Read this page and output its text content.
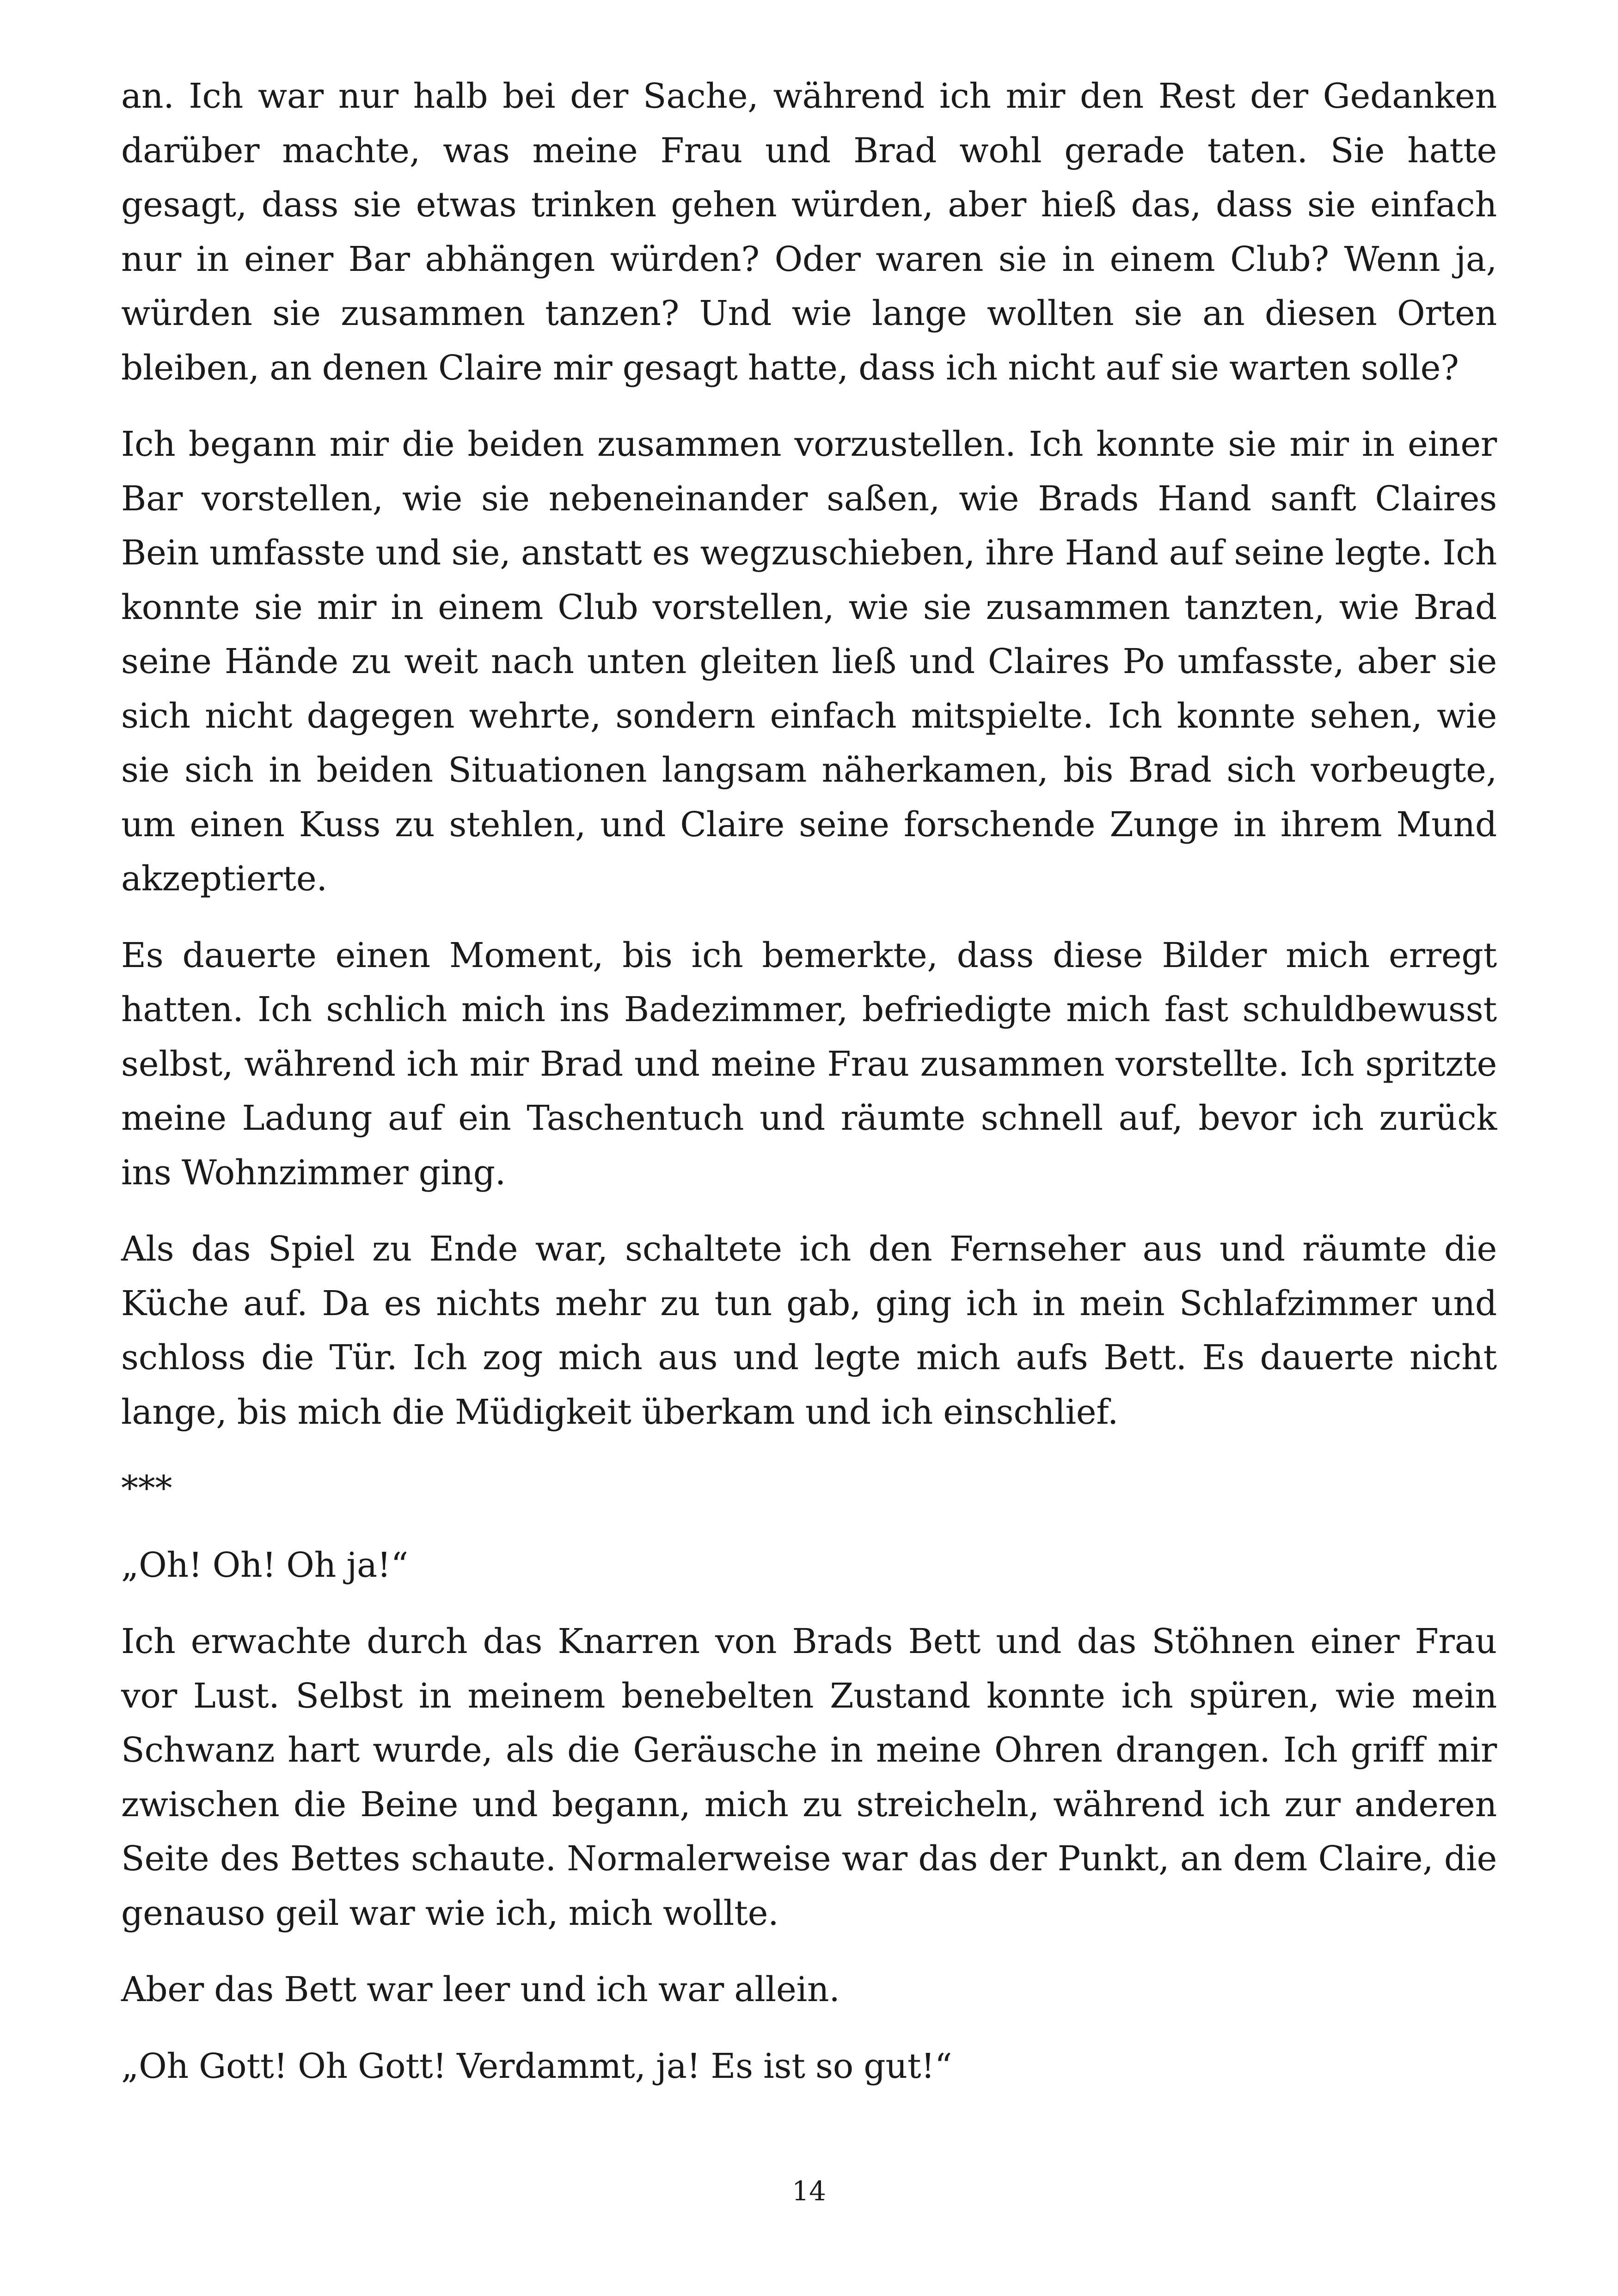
an. Ich war nur halb bei der Sache, während ich mir den Rest der Gedanken darüber machte, was meine Frau und Brad wohl gerade taten. Sie hatte gesagt, dass sie etwas trinken gehen würden, aber hieß das, dass sie einfach nur in einer Bar abhängen würden? Oder waren sie in einem Club? Wenn ja, würden sie zusammen tanzen? Und wie lange wollten sie an diesen Orten bleiben, an denen Claire mir gesagt hatte, dass ich nicht auf sie warten solle?

Ich begann mir die beiden zusammen vorzustellen. Ich konnte sie mir in einer Bar vorstellen, wie sie nebeneinander saßen, wie Brads Hand sanft Claires Bein umfasste und sie, anstatt es wegzuschieben, ihre Hand auf seine legte. Ich konnte sie mir in einem Club vorstellen, wie sie zusammen tanzten, wie Brad seine Hände zu weit nach unten gleiten ließ und Claires Po umfasste, aber sie sich nicht dagegen wehrte, sondern einfach mitspielte. Ich konnte sehen, wie sie sich in beiden Situationen langsam näherkamen, bis Brad sich vorbeugte, um einen Kuss zu stehlen, und Claire seine forschende Zunge in ihrem Mund akzeptierte.

Es dauerte einen Moment, bis ich bemerkte, dass diese Bilder mich erregt hatten. Ich schlich mich ins Badezimmer, befriedigte mich fast schuldbewusst selbst, während ich mir Brad und meine Frau zusammen vorstellte. Ich spritzte meine Ladung auf ein Taschentuch und räumte schnell auf, bevor ich zurück ins Wohnzimmer ging.

Als das Spiel zu Ende war, schaltete ich den Fernseher aus und räumte die Küche auf. Da es nichts mehr zu tun gab, ging ich in mein Schlafzimmer und schloss die Tür. Ich zog mich aus und legte mich aufs Bett. Es dauerte nicht lange, bis mich die Müdigkeit überkam und ich einschlief.

***

„Oh! Oh! Oh ja!“

Ich erwachte durch das Knarren von Brads Bett und das Stöhnen einer Frau vor Lust. Selbst in meinem benebelten Zustand konnte ich spüren, wie mein Schwanz hart wurde, als die Geräusche in meine Ohren drangen. Ich griff mir zwischen die Beine und begann, mich zu streicheln, während ich zur anderen Seite des Bettes schaute. Normalerweise war das der Punkt, an dem Claire, die genauso geil war wie ich, mich wollte.

Aber das Bett war leer und ich war allein.

„Oh Gott! Oh Gott! Verdammt, ja! Es ist so gut!“

14
